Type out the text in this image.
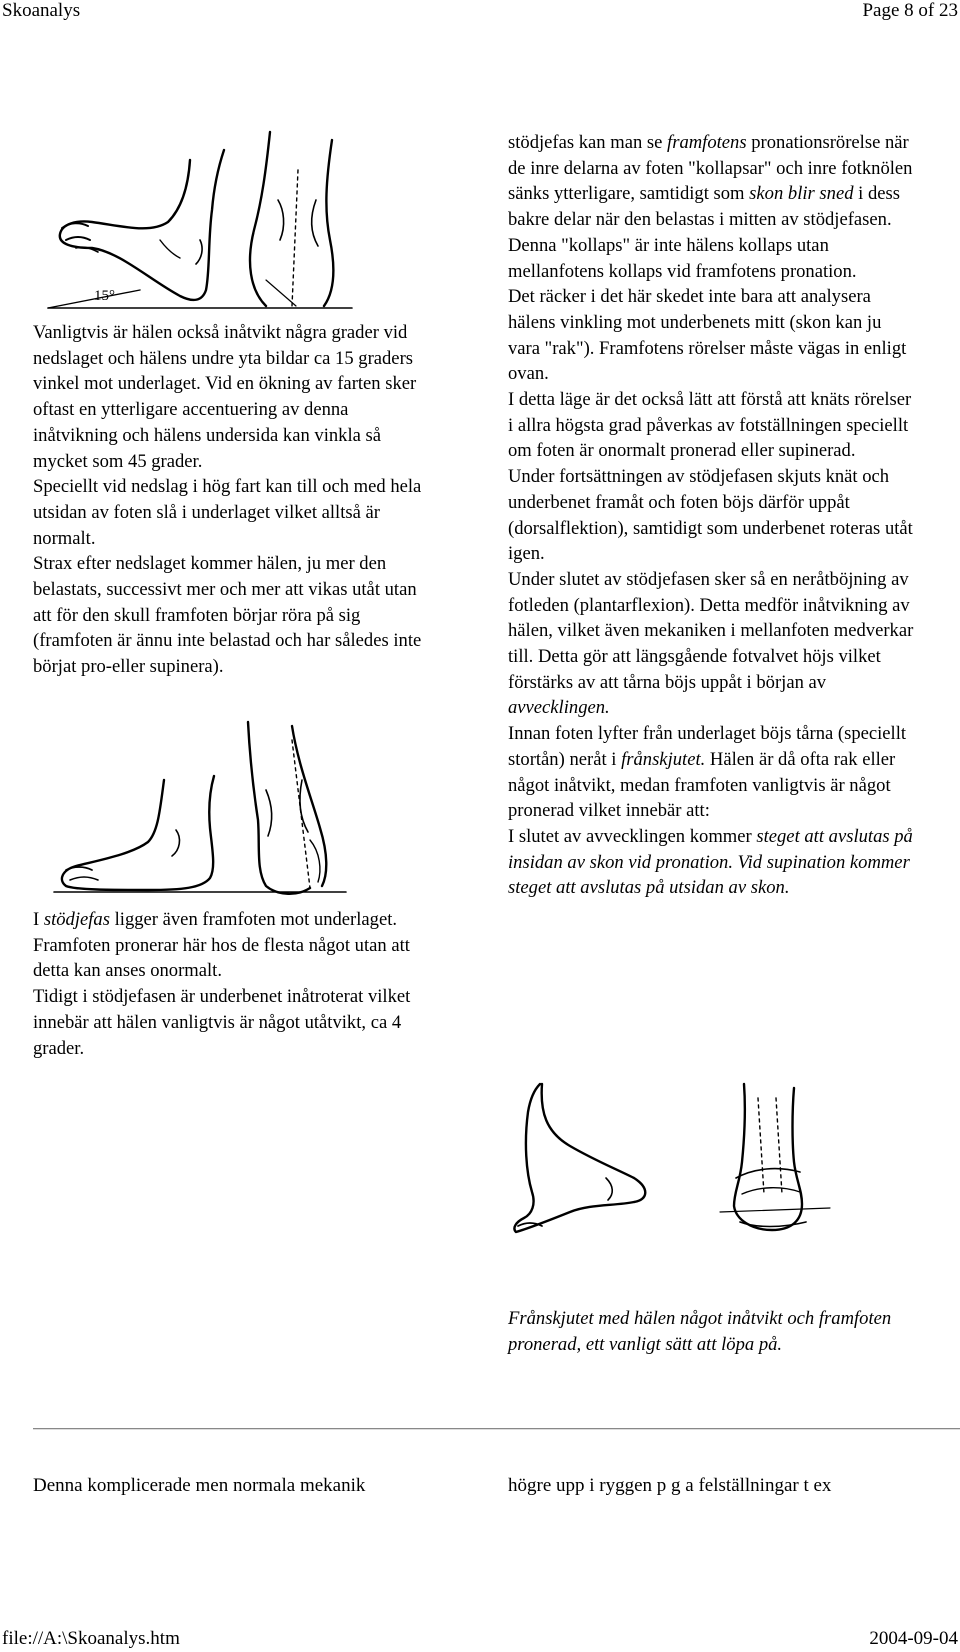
Skoanalys	Page 8 of 23
15°

Vanligtvis är hälen också inåtvikt några grader vid nedslaget och hälens undre yta bildar ca 15 graders vinkel mot underlaget. Vid en ökning av farten sker oftast en ytterligare accentuering av denna inåtvikning och hälens undersida kan vinkla så mycket som 45 grader.

Speciellt vid nedslag i hög fart kan till och med hela utsidan av foten slå i underlaget vilket alltså är normalt.

Strax efter nedslaget kommer hälen, ju mer den belastats, successivt mer och mer att vikas utåt utan att för den skull framfoten börjar röra på sig (framfoten är ännu inte belastad och har således inte börjat pro-eller supinera).

I stödjefas ligger även framfoten mot underlaget. Framfoten pronerar här hos de flesta något utan att detta kan anses onormalt.

Tidigt i stödjefasen är underbenet inåtroterat vilket innebär att hälen vanligtvis är något utåtvikt, ca 4 grader.

stödjefas kan man se framfotens pronationsrörelse när de inre delarna av foten "kollapsar" och inre fotknölen sänks ytterligare, samtidigt som skon blir sned i dess bakre delar när den belastas i mitten av stödjefasen.

Denna "kollaps" är inte hälens kollaps utan mellanfotens kollaps vid framfotens pronation.

Det räcker i det här skedet inte bara att analysera hälens vinkling mot underbenets mitt (skon kan ju vara "rak"). Framfotens rörelser måste vägas in enligt ovan.

I detta läge är det också lätt att förstå att knäts rörelser i allra högsta grad påverkas av fotställningen speciellt om foten är onormalt pronerad eller supinerad.

Under fortsättningen av stödjefasen skjuts knät och underbenet framåt och foten böjs därför uppåt (dorsalflektion), samtidigt som underbenet roteras utåt igen.

Under slutet av stödjefasen sker så en neråtböjning av fotleden (plantarflexion). Detta medför inåtvikning av hälen, vilket även mekaniken i mellanfoten medverkar till. Detta gör att längsgående fotvalvet höjs vilket förstärks av att tårna böjs uppåt i början av avvecklingen.

Innan foten lyfter från underlaget böjs tårna (speciellt stortån) neråt i frånskjutet. Hälen är då ofta rak eller något inåtvikt, medan framfoten vanligtvis är något pronerad vilket innebär att:

I slutet av avvecklingen kommer steget att avslutas på insidan av skon vid pronation. Vid supination kommer steget att avslutas på utsidan av skon.

Frånskjutet med hälen något inåtvikt och framfoten pronerad, ett vanligt sätt att löpa på.
Denna komplicerade men normala mekanik	högre upp i ryggen p g a felställningar t ex
file://A:\Skoanalys.htm	2004-09-04
